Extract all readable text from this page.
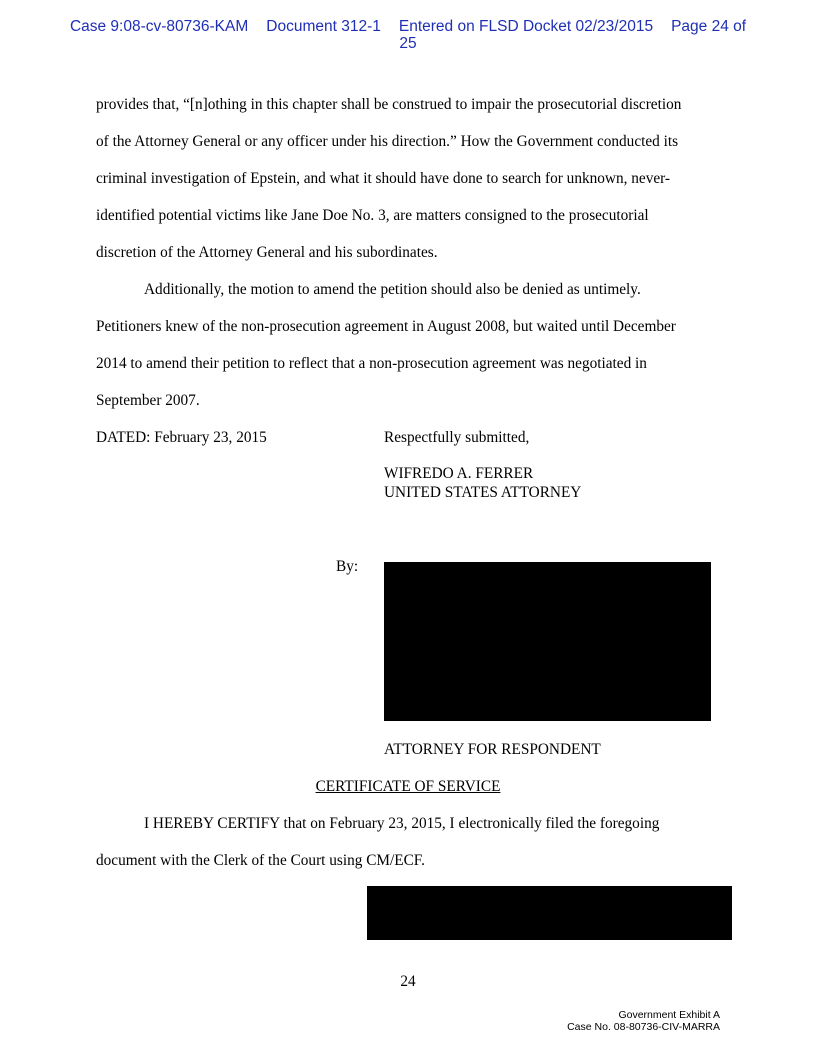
Case 9:08-cv-80736-KAM Document 312-1 Entered on FLSD Docket 02/23/2015 Page 24 of
25
provides that, “[n]othing in this chapter shall be construed to impair the prosecutorial discretion
of the Attorney General or any officer under his direction.” How the Government conducted its
criminal investigation of Epstein, and what it should have done to search for unknown, never-
identified potential victims like Jane Doe No. 3, are matters consigned to the prosecutorial
discretion of the Attorney General and his subordinates.
Additionally, the motion to amend the petition should also be denied as untimely.
Petitioners knew of the non-prosecution agreement in August 2008, but waited until December
2014 to amend their petition to reflect that a non-prosecution agreement was negotiated in
September 2007.
DATED: February 23, 2015	Respectfully submitted,
WIFREDO A. FERRER
UNITED STATES ATTORNEY
By:
ATTORNEY FOR RESPONDENT
CERTIFICATE OF SERVICE
I HEREBY CERTIFY that on February 23, 2015, I electronically filed the foregoing
document with the Clerk of the Court using CM/ECF.
24
Government Exhibit A
Case No. 08-80736-CIV-MARRA
